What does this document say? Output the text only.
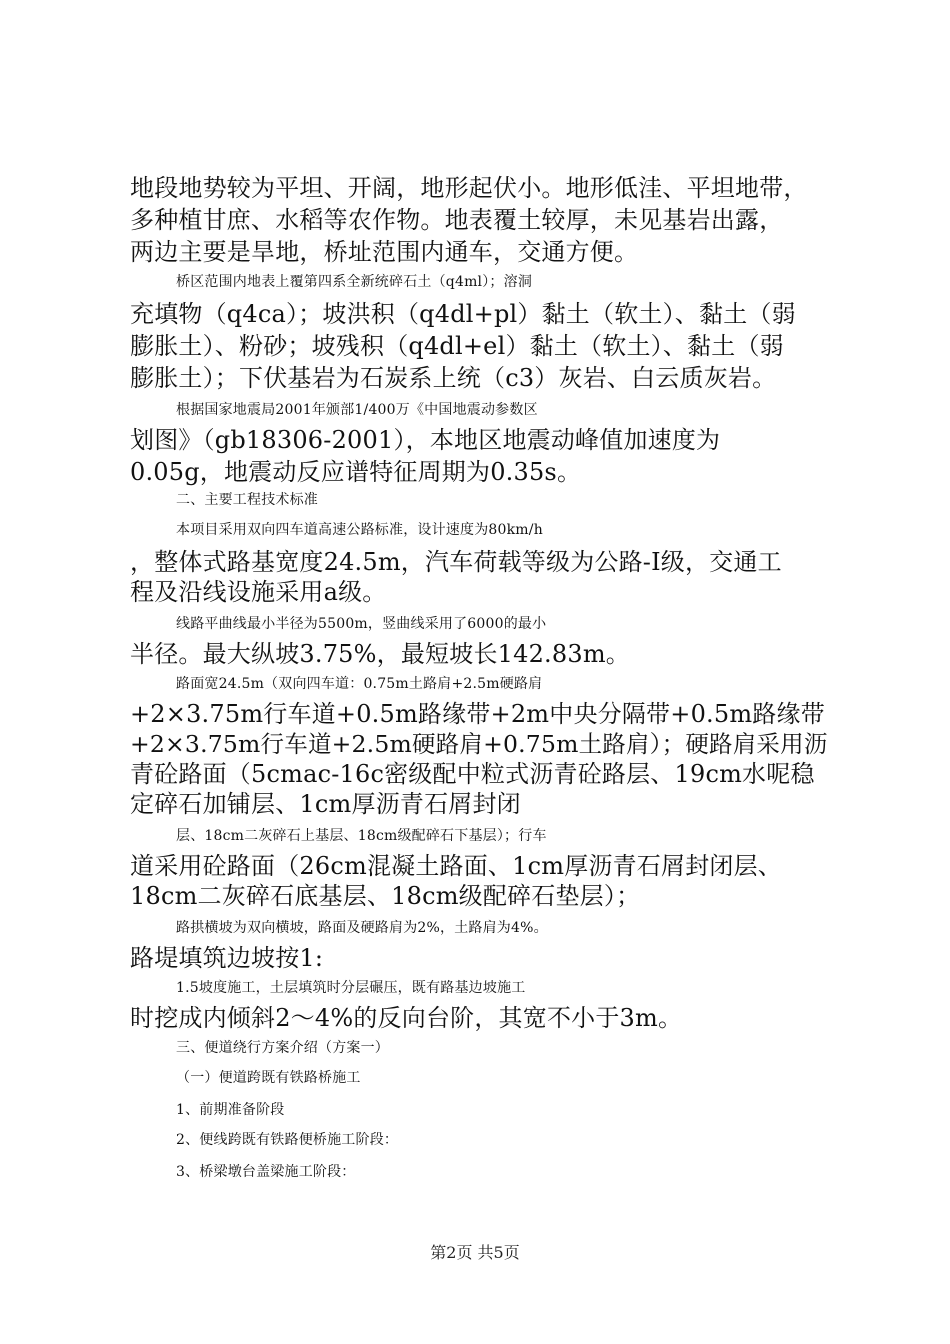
地段地势较为平坦、开阔，地形起伏小。地形低洼、平坦地带，
多种植甘庶、水稻等农作物。地表覆土较厚，未见基岩出露，
两边主要是旱地，桥址范围内通车，交通方便。
桥区范围内地表上覆第四系全新统碎石土（q4ml）；溶洞
充填物（q4ca）；坡洪积（q4dl+pl）黏土（软土）、黏土（弱
膨胀土）、粉砂；坡残积（q4dl+el）黏土（软土）、黏土（弱
膨胀土）；下伏基岩为石炭系上统（c3）灰岩、白云质灰岩。
根据国家地震局2001年颁部1/400万《中国地震动参数区
划图》（gb18306-2001），本地区地震动峰值加速度为
0.05g，地震动反应谱特征周期为0.35s。
二、主要工程技术标准
本项目采用双向四车道高速公路标准，设计速度为80km/h
，整体式路基宽度24.5m，汽车荷载等级为公路-Ⅰ级，交通工
程及沿线设施采用a级。
线路平曲线最小半径为5500m，竖曲线采用了6000的最小
半径。最大纵坡3.75%，最短坡长142.83m。
路面宽24.5m（双向四车道：0.75m土路肩+2.5m硬路肩
+2×3.75m行车道+0.5m路缘带+2m中央分隔带+0.5m路缘带
+2×3.75m行车道+2.5m硬路肩+0.75m土路肩）；硬路肩采用沥
青砼路面（5cmac-16c密级配中粒式沥青砼路层、19cm水呢稳
定碎石加铺层、1cm厚沥青石屑封闭
层、18cm二灰碎石上基层、18cm级配碎石下基层）；行车
道采用砼路面（26cm混凝土路面、1cm厚沥青石屑封闭层、
18cm二灰碎石底基层、18cm级配碎石垫层）；
路拱横坡为双向横坡，路面及硬路肩为2%，土路肩为4%。
路堤填筑边坡按1:
1.5坡度施工，土层填筑时分层碾压，既有路基边坡施工
时挖成内倾斜2～4%的反向台阶，其宽不小于3m。
三、便道绕行方案介绍（方案一）
（一）便道跨既有铁路桥施工
1、前期准备阶段
2、便线跨既有铁路便桥施工阶段：
3、桥梁墩台盖梁施工阶段：
第2页 共5页
